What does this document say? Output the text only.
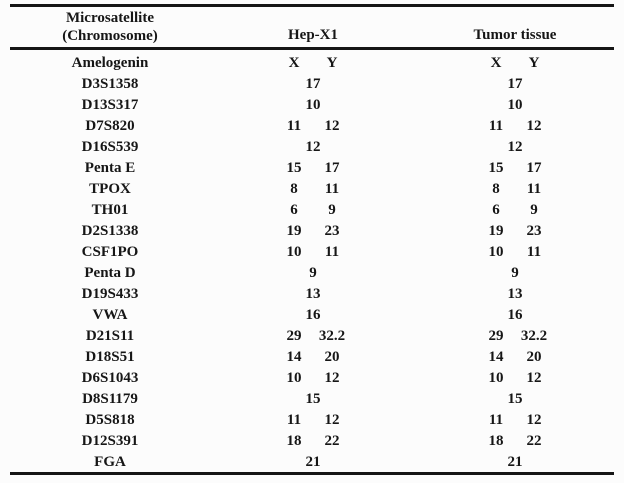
Microsatellite
(Chromosome)	Hep-X1	Tumor tissue
Amelogenin	X	Y	X	Y
D3S1358	17	17
D13S317	10	10
D7S820	11	12	11	12
D16S539	12	12
Penta E	15	17	15	17
TPOX	8	11	8	11
TH01	6	9	6	9
D2S1338	19	23	19	23
CSF1PO	10	11	10	11
Penta D	9	9
D19S433	13	13
VWA	16	16
D21S11	29	32.2	29	32.2
D18S51	14	20	14	20
D6S1043	10	12	10	12
D8S1179	15	15
D5S818	11	12	11	12
D12S391	18	22	18	22
FGA	21	21
